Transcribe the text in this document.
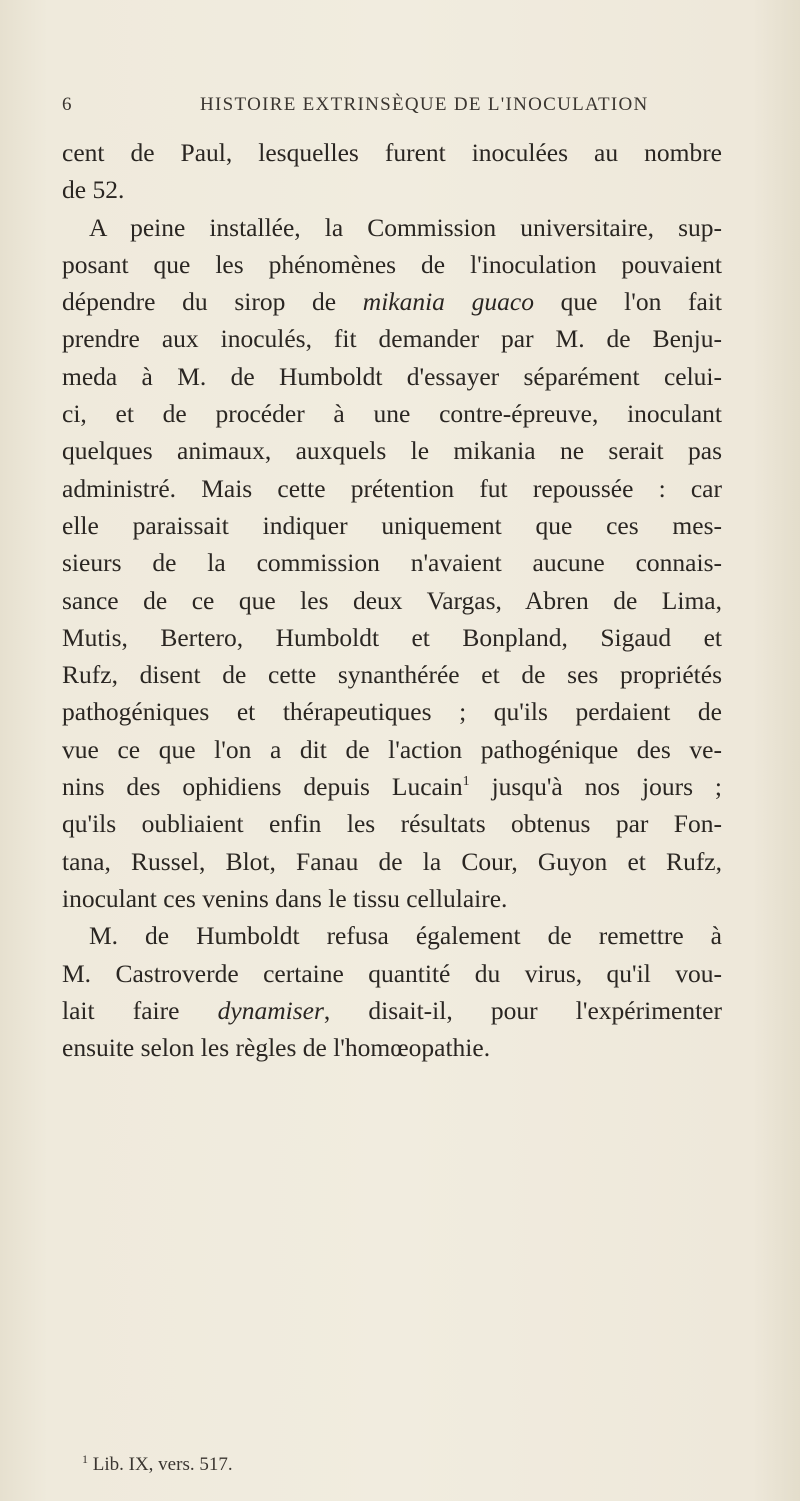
6	HISTOIRE EXTRINSÈQUE DE L'INOCULATION
cent de Paul, lesquelles furent inoculées au nombre
de 52.
A peine installée, la Commission universitaire, sup-
posant que les phénomènes de l'inoculation pouvaient
dépendre du sirop de mikania guaco que l'on fait
prendre aux inoculés, fit demander par M. de Benju-
meda à M. de Humboldt d'essayer séparément celui-
ci, et de procéder à une contre-épreuve, inoculant
quelques animaux, auxquels le mikania ne serait pas
administré. Mais cette prétention fut repoussée : car
elle paraissait indiquer uniquement que ces mes-
sieurs de la commission n'avaient aucune connais-
sance de ce que les deux Vargas, Abren de Lima,
Mutis, Bertero, Humboldt et Bonpland, Sigaud et
Rufz, disent de cette synanthérée et de ses propriétés
pathogéniques et thérapeutiques ; qu'ils perdaient de
vue ce que l'on a dit de l'action pathogénique des ve-
nins des ophidiens depuis Lucain$^1$ jusqu'à nos jours ;
qu'ils oubliaient enfin les résultats obtenus par Fon-
tana, Russel, Blot, Fanau de la Cour, Guyon et Rufz,
inoculant ces venins dans le tissu cellulaire.
M. de Humboldt refusa également de remettre à
M. Castroverde certaine quantité du virus, qu'il vou-
lait faire dynamiser, disait-il, pour l'expérimenter
ensuite selon les règles de l'homœopathie.
$^1$ Lib. IX, vers. 517.
